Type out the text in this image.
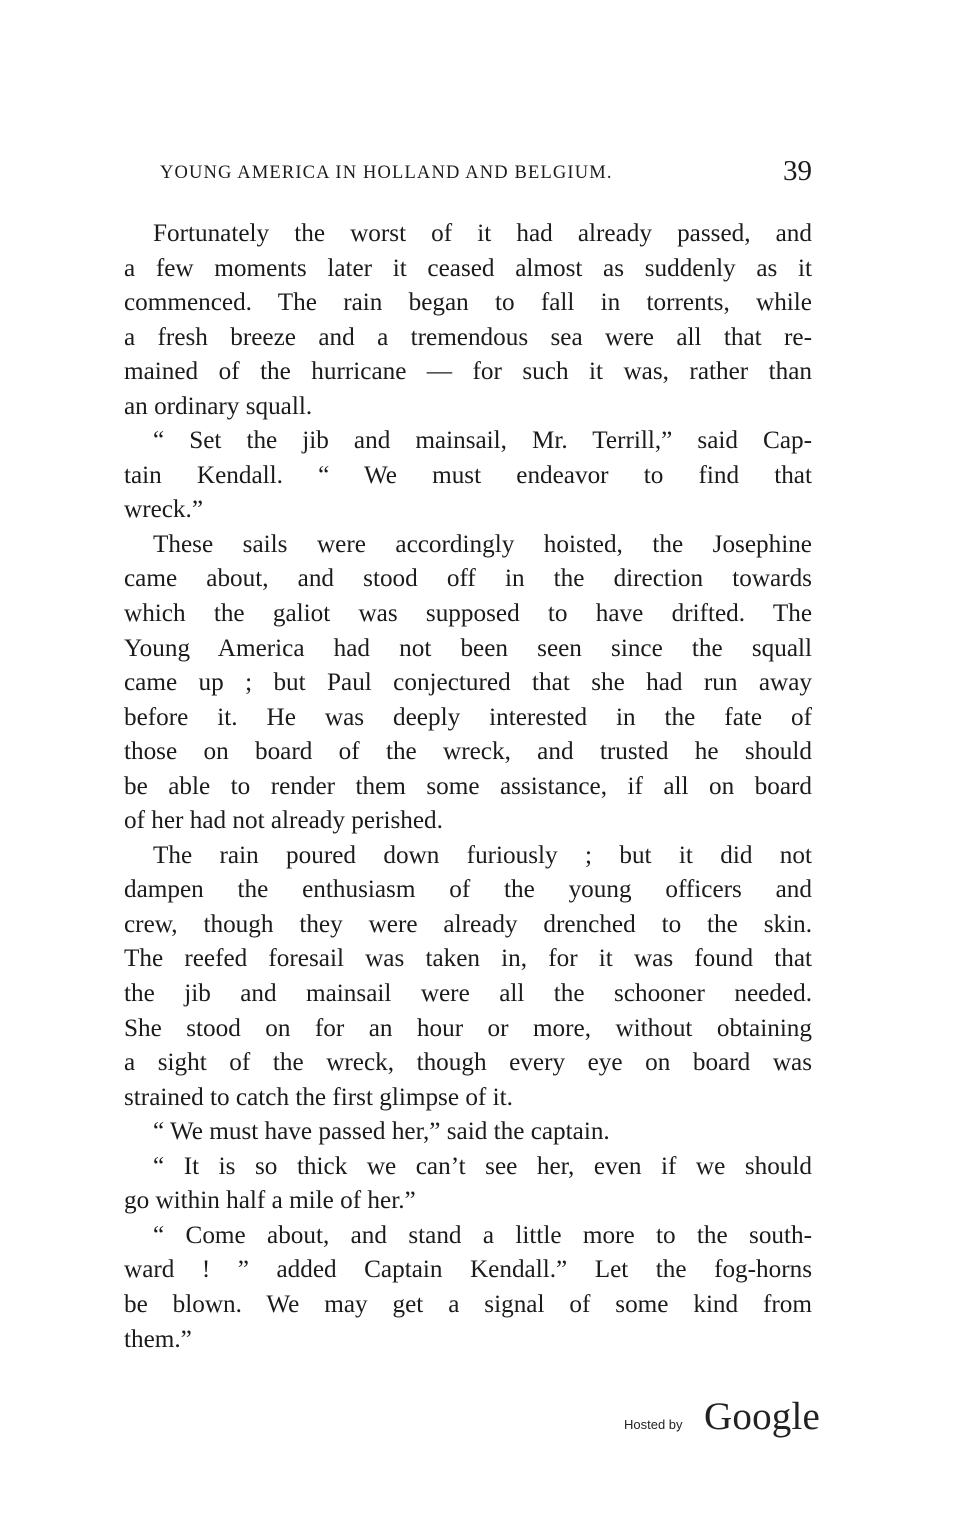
YOUNG AMERICA IN HOLLAND AND BELGIUM.	39
Fortunately the worst of it had already passed, and
a few moments later it ceased almost as suddenly as it
commenced. The rain began to fall in torrents, while
a fresh breeze and a tremendous sea were all that re-
mained of the hurricane — for such it was, rather than
an ordinary squall.
“ Set the jib and mainsail, Mr. Terrill,” said Cap-
tain Kendall. “ We must endeavor to find that
wreck.”
These sails were accordingly hoisted, the Josephine
came about, and stood off in the direction towards
which the galiot was supposed to have drifted. The
Young America had not been seen since the squall
came up ; but Paul conjectured that she had run away
before it. He was deeply interested in the fate of
those on board of the wreck, and trusted he should
be able to render them some assistance, if all on board
of her had not already perished.
The rain poured down furiously ; but it did not
dampen the enthusiasm of the young officers and
crew, though they were already drenched to the skin.
The reefed foresail was taken in, for it was found that
the jib and mainsail were all the schooner needed.
She stood on for an hour or more, without obtaining
a sight of the wreck, though every eye on board was
strained to catch the first glimpse of it.
“ We must have passed her,” said the captain.
“ It is so thick we can’t see her, even if we should
go within half a mile of her.”
“ Come about, and stand a little more to the south-
ward ! ” added Captain Kendall.” Let the fog-horns
be blown. We may get a signal of some kind from
them.”
Hosted by Google
